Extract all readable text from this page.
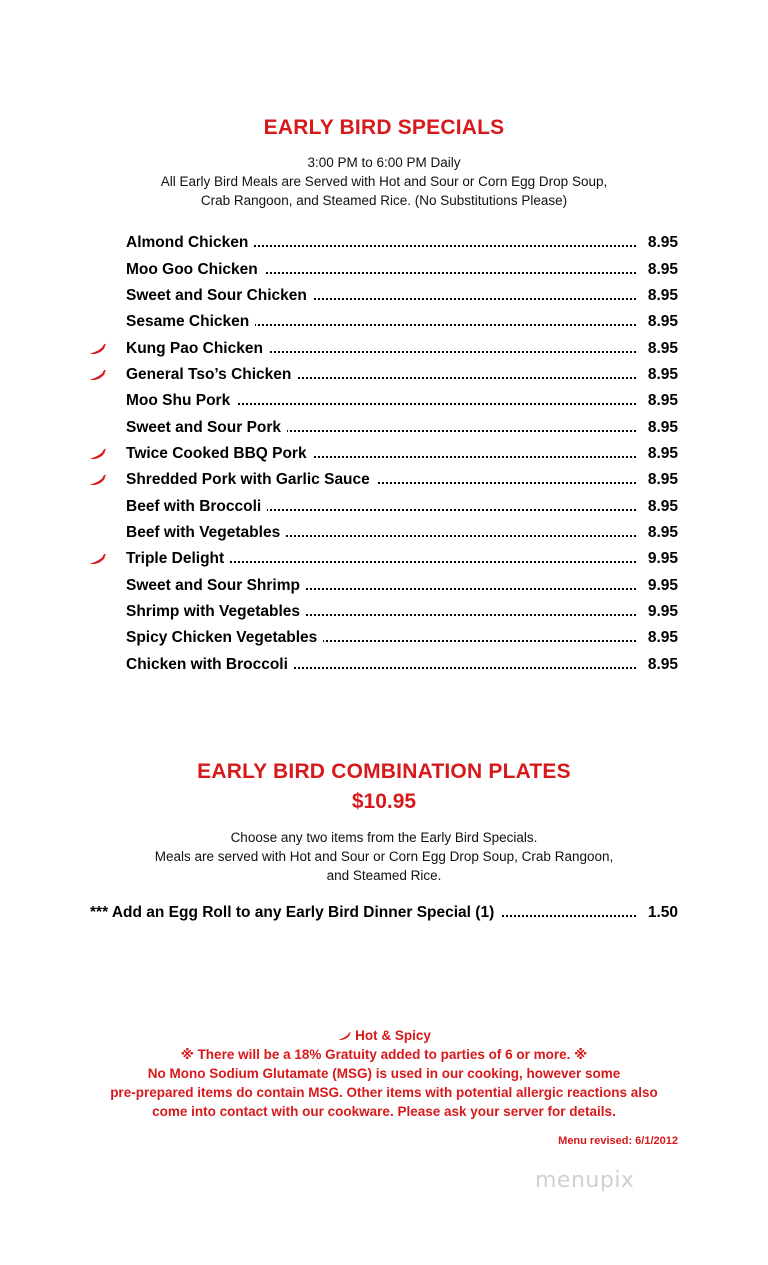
EARLY BIRD SPECIALS
3:00 PM to 6:00 PM Daily
All Early Bird Meals are Served with Hot and Sour or Corn Egg Drop Soup,
Crab Rangoon, and Steamed Rice. (No Substitutions Please)
Almond Chicken	8.95
Moo Goo Chicken	8.95
Sweet and Sour Chicken	8.95
Sesame Chicken	8.95
Kung Pao Chicken	8.95
General Tso’s Chicken	8.95
Moo Shu Pork	8.95
Sweet and Sour Pork	8.95
Twice Cooked BBQ Pork	8.95
Shredded Pork with Garlic Sauce	8.95
Beef with Broccoli	8.95
Beef with Vegetables	8.95
Triple Delight	9.95
Sweet and Sour Shrimp	9.95
Shrimp with Vegetables	9.95
Spicy Chicken Vegetables	8.95
Chicken with Broccoli	8.95
EARLY BIRD COMBINATION PLATES
$10.95
Choose any two items from the Early Bird Specials.
Meals are served with Hot and Sour or Corn Egg Drop Soup, Crab Rangoon,
and Steamed Rice.
*** Add an Egg Roll to any Early Bird Dinner Special (1)	1.50
Hot & Spicy
※ There will be a 18% Gratuity added to parties of 6 or more. ※
No Mono Sodium Glutamate (MSG) is used in our cooking, however some
pre-prepared items do contain MSG. Other items with potential allergic reactions also
come into contact with our cookware. Please ask your server for details.
Menu revised: 6/1/2012
menupix
